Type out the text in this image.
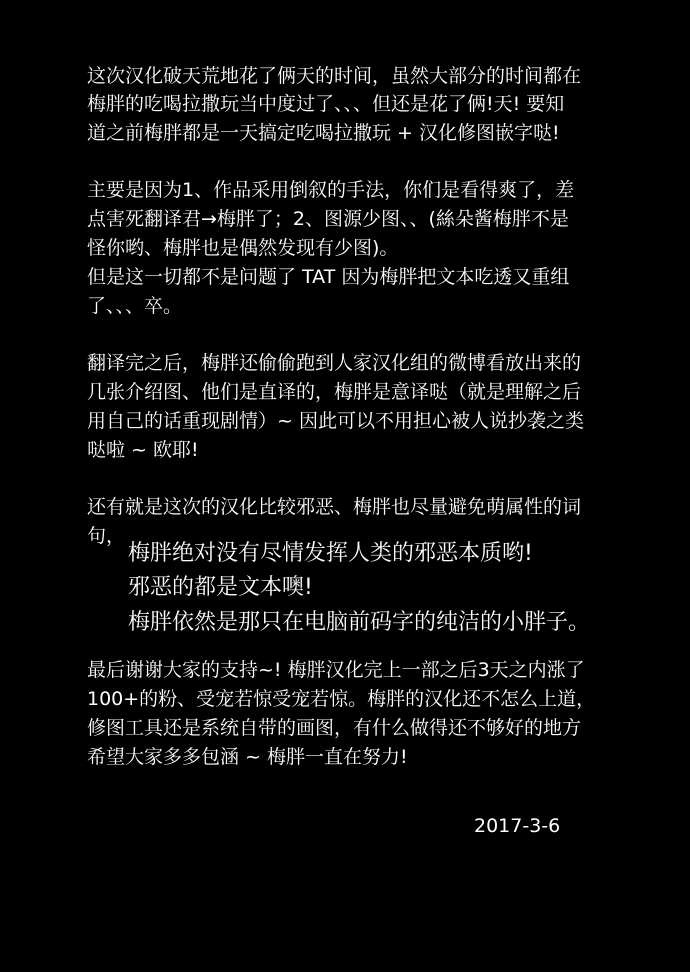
这次汉化破天荒地花了俩天的时间，虽然大部分的时间都在
梅胖的吃喝拉撒玩当中度过了、、、但还是花了俩!天! 要知
道之前梅胖都是一天搞定吃喝拉撒玩 + 汉化修图嵌字哒!
主要是因为1、作品采用倒叙的手法，你们是看得爽了，差
点害死翻译君→梅胖了；2、图源少图、、(絲朵酱梅胖不是
怪你哟、梅胖也是偶然发现有少图)。
但是这一切都不是问题了 TAT 因为梅胖把文本吃透又重组
了、、、卒。
翻译完之后，梅胖还偷偷跑到人家汉化组的微博看放出来的
几张介绍图、他们是直译的，梅胖是意译哒（就是理解之后
用自己的话重现剧情）~ 因此可以不用担心被人说抄袭之类
哒啦 ~ 欧耶!
还有就是这次的汉化比较邪恶、梅胖也尽量避免萌属性的词
句，
梅胖绝对没有尽情发挥人类的邪恶本质哟!
邪恶的都是文本噢!
梅胖依然是那只在电脑前码字的纯洁的小胖子。
最后谢谢大家的支持~! 梅胖汉化完上一部之后3天之内涨了
100+的粉、受宠若惊受宠若惊。梅胖的汉化还不怎么上道，
修图工具还是系统自带的画图，有什么做得还不够好的地方
希望大家多多包涵 ~ 梅胖一直在努力!
2017-3-6
